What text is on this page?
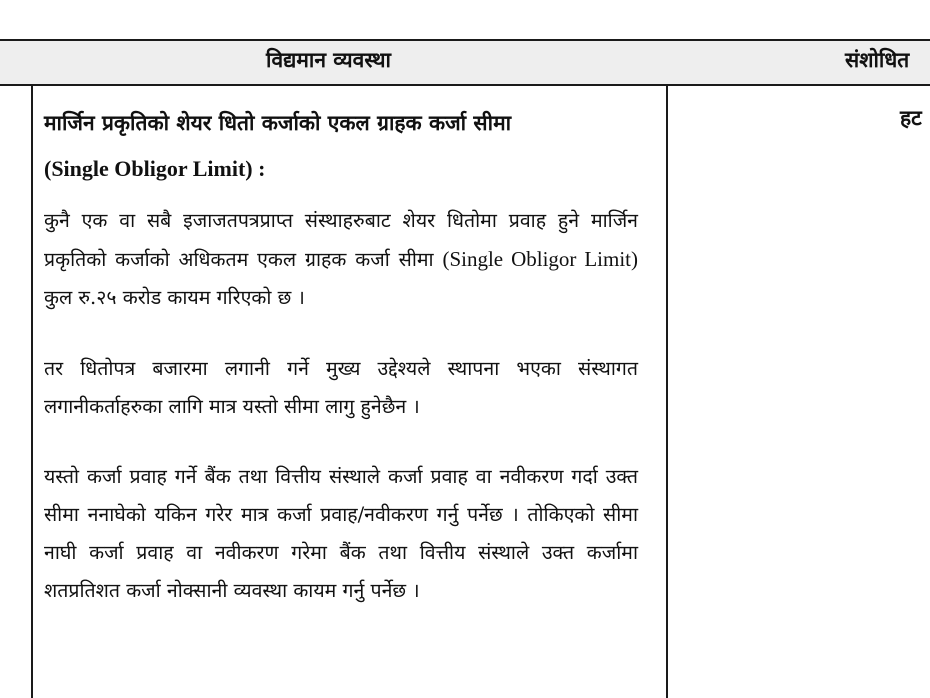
विद्यमान व्यवस्था	संशोधित
मार्जिन प्रकृतिको शेयर धितो कर्जाको एकल ग्राहक कर्जा सीमा
(Single Obligor Limit) :
कुनै एक वा सबै इजाजतपत्रप्राप्त संस्थाहरुबाट शेयर धितोमा प्रवाह हुने मार्जिन प्रकृतिको कर्जाको अधिकतम एकल ग्राहक कर्जा सीमा (Single Obligor Limit) कुल रु.२५ करोड कायम गरिएको छ ।
तर धितोपत्र बजारमा लगानी गर्ने मुख्य उद्देश्यले स्थापना भएका संस्थागत लगानीकर्ताहरुका लागि मात्र यस्तो सीमा लागु हुनेछैन ।
यस्तो कर्जा प्रवाह गर्ने बैंक तथा वित्तीय संस्थाले कर्जा प्रवाह वा नवीकरण गर्दा उक्त सीमा ननाघेको यकिन गरेर मात्र कर्जा प्रवाह/नवीकरण गर्नु पर्नेछ । तोकिएको सीमा नाघी कर्जा प्रवाह वा नवीकरण गरेमा बैंक तथा वित्तीय संस्थाले उक्त कर्जामा शतप्रतिशत कर्जा नोक्सानी व्यवस्था कायम गर्नु पर्नेछ ।
हट
